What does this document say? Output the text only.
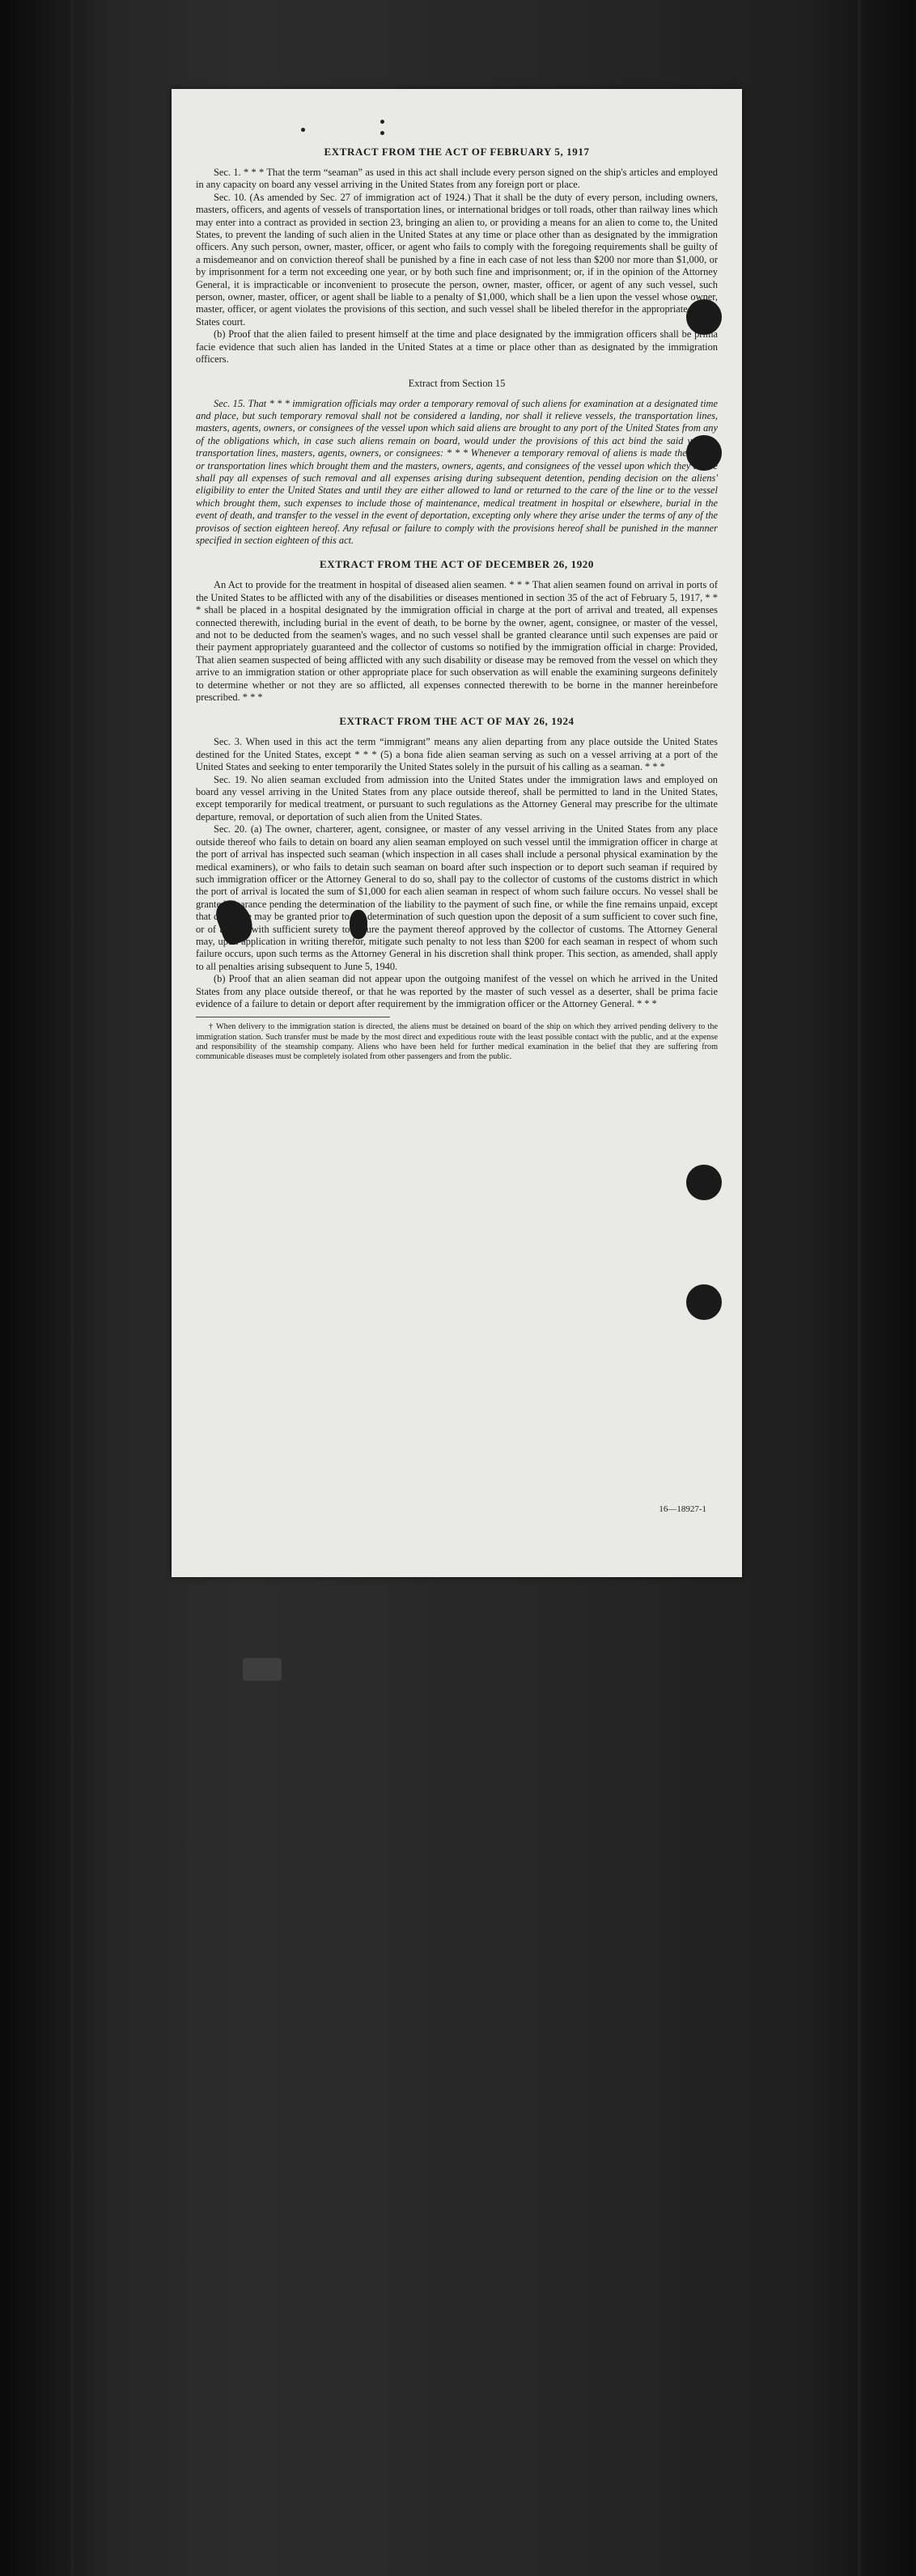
EXTRACT FROM THE ACT OF FEBRUARY 5, 1917

Sec. 1. * * * That the term “seaman” as used in this act shall include every person signed on the ship's articles and employed in any capacity on board any vessel arriving in the United States from any foreign port or place.

Sec. 10. (As amended by Sec. 27 of immigration act of 1924.) That it shall be the duty of every person, including owners, masters, officers, and agents of vessels of transportation lines, or international bridges or toll roads, other than railway lines which may enter into a contract as provided in section 23, bringing an alien to, or providing a means for an alien to come to, the United States, to prevent the landing of such alien in the United States at any time or place other than as designated by the immigration officers. Any such person, owner, master, officer, or agent who fails to comply with the foregoing requirements shall be guilty of a misdemeanor and on conviction thereof shall be punished by a fine in each case of not less than $200 nor more than $1,000, or by imprisonment for a term not exceeding one year, or by both such fine and imprisonment; or, if in the opinion of the Attorney General, it is impracticable or inconvenient to prosecute the person, owner, master, officer, or agent of any such vessel, such person, owner, master, officer, or agent shall be liable to a penalty of $1,000, which shall be a lien upon the vessel whose owner, master, officer, or agent violates the provisions of this section, and such vessel shall be libeled therefor in the appropriate United States court.

(b) Proof that the alien failed to present himself at the time and place designated by the immigration officers shall be prima facie evidence that such alien has landed in the United States at a time or place other than as designated by the immigration officers.

Extract from Section 15

Sec. 15. That * * * immigration officials may order a temporary removal of such aliens for examination at a designated time and place, but such temporary removal shall not be considered a landing, nor shall it relieve vessels, the transportation lines, masters, agents, owners, or consignees of the vessel upon which said aliens are brought to any port of the United States from any of the obligations which, in case such aliens remain on board, would under the provisions of this act bind the said vessels, transportation lines, masters, agents, owners, or consignees: * * * Whenever a temporary removal of aliens is made the vessels or transportation lines which brought them and the masters, owners, agents, and consignees of the vessel upon which they arrive shall pay all expenses of such removal and all expenses arising during subsequent detention, pending decision on the aliens' eligibility to enter the United States and until they are either allowed to land or returned to the care of the line or to the vessel which brought them, such expenses to include those of maintenance, medical treatment in hospital or elsewhere, burial in the event of death, and transfer to the vessel in the event of deportation, excepting only where they arise under the terms of any of the provisos of section eighteen hereof. Any refusal or failure to comply with the provisions hereof shall be punished in the manner specified in section eighteen of this act.

EXTRACT FROM THE ACT OF DECEMBER 26, 1920

An Act to provide for the treatment in hospital of diseased alien seamen. * * * That alien seamen found on arrival in ports of the United States to be afflicted with any of the disabilities or diseases mentioned in section 35 of the act of February 5, 1917, * * * shall be placed in a hospital designated by the immigration official in charge at the port of arrival and treated, all expenses connected therewith, including burial in the event of death, to be borne by the owner, agent, consignee, or master of the vessel, and not to be deducted from the seamen's wages, and no such vessel shall be granted clearance until such expenses are paid or their payment appropriately guaranteed and the collector of customs so notified by the immigration official in charge: Provided, That alien seamen suspected of being afflicted with any such disability or disease may be removed from the vessel on which they arrive to an immigration station or other appropriate place for such observation as will enable the examining surgeons definitely to determine whether or not they are so afflicted, all expenses connected therewith to be borne in the manner hereinbefore prescribed. * * *

EXTRACT FROM THE ACT OF MAY 26, 1924

Sec. 3. When used in this act the term “immigrant” means any alien departing from any place outside the United States destined for the United States, except * * * (5) a bona fide alien seaman serving as such on a vessel arriving at a port of the United States and seeking to enter temporarily the United States solely in the pursuit of his calling as a seaman. * * *

Sec. 19. No alien seaman excluded from admission into the United States under the immigration laws and employed on board any vessel arriving in the United States from any place outside thereof, shall be permitted to land in the United States, except temporarily for medical treatment, or pursuant to such regulations as the Attorney General may prescribe for the ultimate departure, removal, or deportation of such alien from the United States.

Sec. 20. (a) The owner, charterer, agent, consignee, or master of any vessel arriving in the United States from any place outside thereof who fails to detain on board any alien seaman employed on such vessel until the immigration officer in charge at the port of arrival has inspected such seaman (which inspection in all cases shall include a personal physical examination by the medical examiners), or who fails to detain such seaman on board after such inspection or to deport such seaman if required by such immigration officer or the Attorney General to do so, shall pay to the collector of customs of the customs district in which the port of arrival is located the sum of $1,000 for each alien seaman in respect of whom such failure occurs. No vessel shall be granted clearance pending the determination of the liability to the payment of such fine, or while the fine remains unpaid, except that clearance may be granted prior to the determination of such question upon the deposit of a sum sufficient to cover such fine, or of a bond with sufficient surety to secure the payment thereof approved by the collector of customs. The Attorney General may, upon application in writing therefor, mitigate such penalty to not less than $200 for each seaman in respect of whom such failure occurs, upon such terms as the Attorney General in his discretion shall think proper. This section, as amended, shall apply to all penalties arising subsequent to June 5, 1940.

(b) Proof that an alien seaman did not appear upon the outgoing manifest of the vessel on which he arrived in the United States from any place outside thereof, or that he was reported by the master of such vessel as a deserter, shall be prima facie evidence of a failure to detain or deport after requirement by the immigration officer or the Attorney General. * * *

† When delivery to the immigration station is directed, the aliens must be detained on board of the ship on which they arrived pending delivery to the immigration station. Such transfer must be made by the most direct and expeditious route with the least possible contact with the public, and at the expense and responsibility of the steamship company. Aliens who have been held for further medical examination in the belief that they are suffering from communicable diseases must be completely isolated from other passengers and from the public.

16—18927-1
